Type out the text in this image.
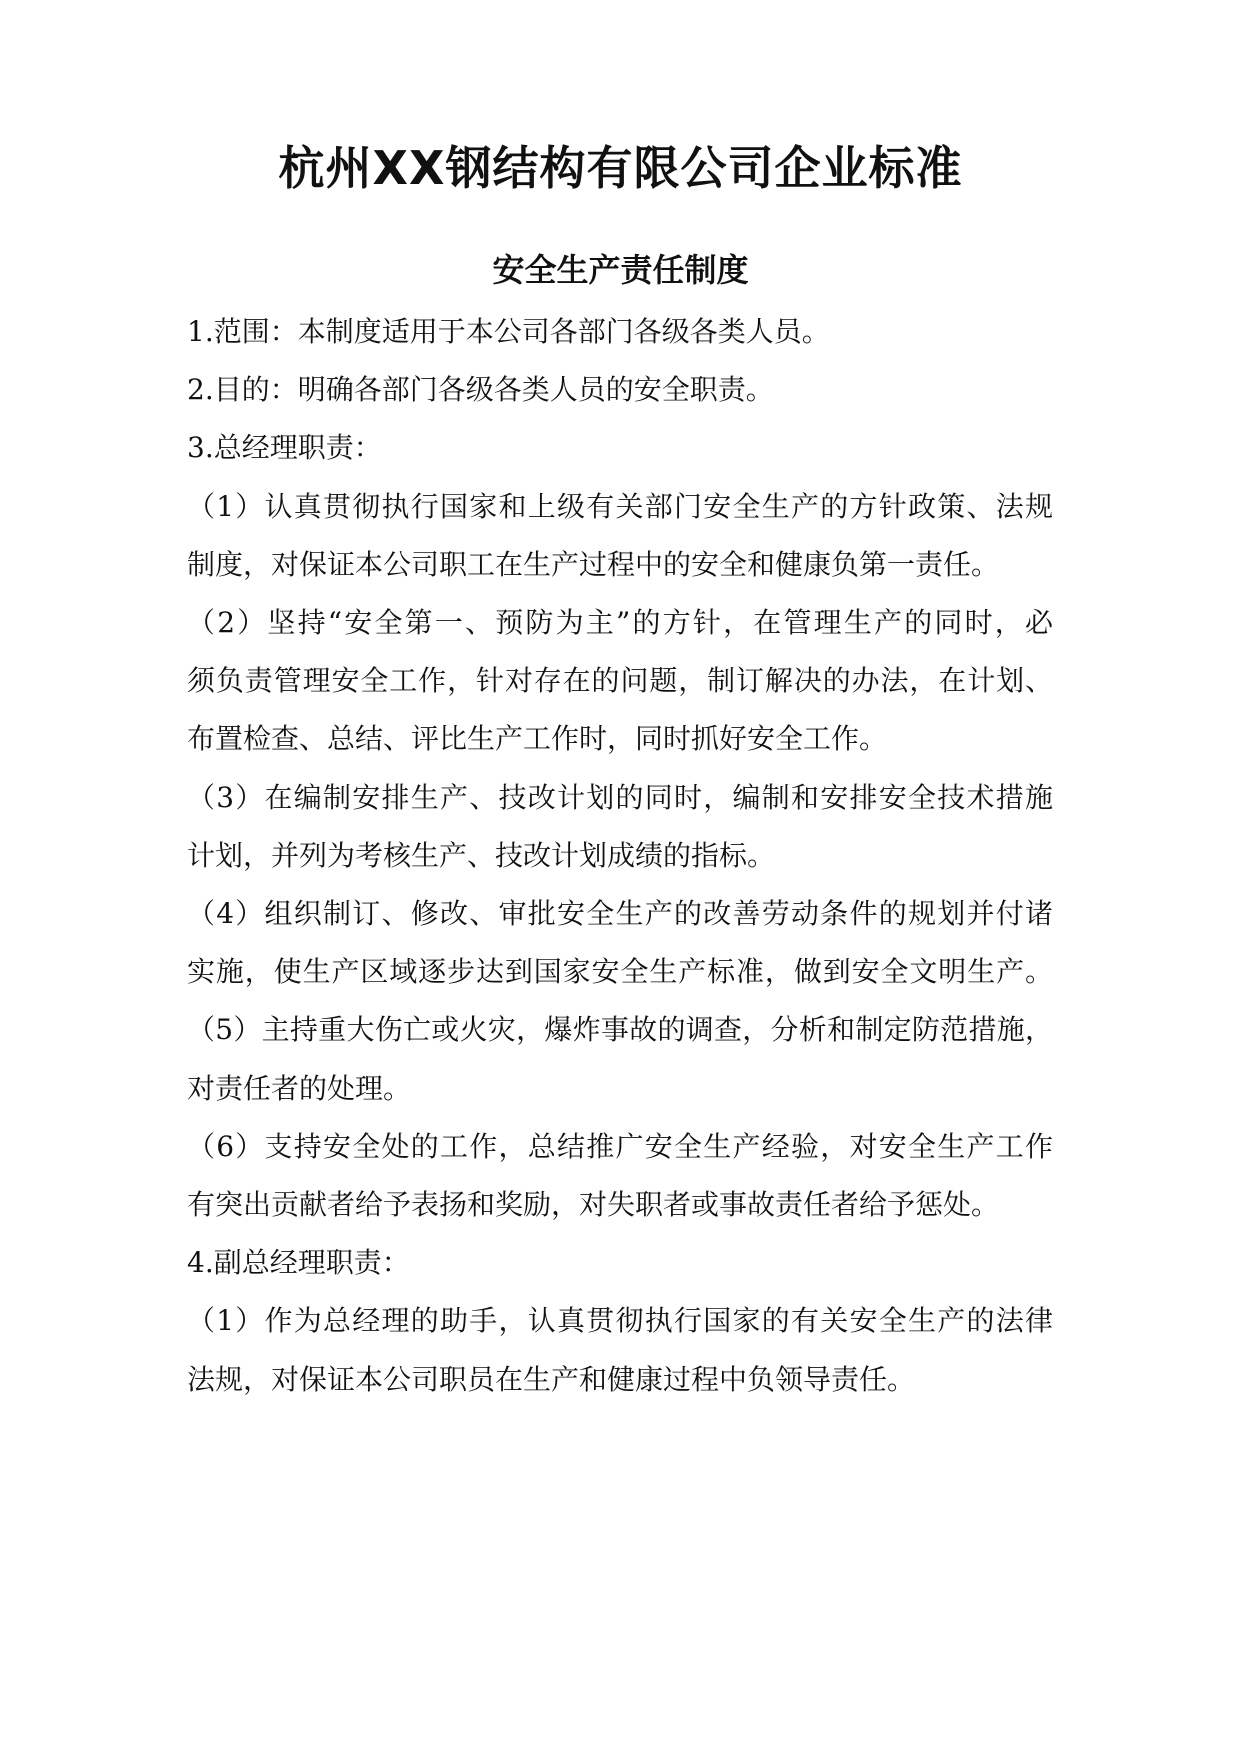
杭州XX钢结构有限公司企业标准
安全生产责任制度
1.范围：本制度适用于本公司各部门各级各类人员。
2.目的：明确各部门各级各类人员的安全职责。
3.总经理职责：
（1）认真贯彻执行国家和上级有关部门安全生产的方针政策、法规
制度，对保证本公司职工在生产过程中的安全和健康负第一责任。
（2）坚持“安全第一、预防为主”的方针，在管理生产的同时，必
须负责管理安全工作，针对存在的问题，制订解决的办法，在计划、
布置检查、总结、评比生产工作时，同时抓好安全工作。
（3）在编制安排生产、技改计划的同时，编制和安排安全技术措施
计划，并列为考核生产、技改计划成绩的指标。
（4）组织制订、修改、审批安全生产的改善劳动条件的规划并付诸
实施，使生产区域逐步达到国家安全生产标准，做到安全文明生产。
（5）主持重大伤亡或火灾，爆炸事故的调查，分析和制定防范措施，
对责任者的处理。
（6）支持安全处的工作，总结推广安全生产经验，对安全生产工作
有突出贡献者给予表扬和奖励，对失职者或事故责任者给予惩处。
4.副总经理职责：
（1）作为总经理的助手，认真贯彻执行国家的有关安全生产的法律
法规，对保证本公司职员在生产和健康过程中负领导责任。
